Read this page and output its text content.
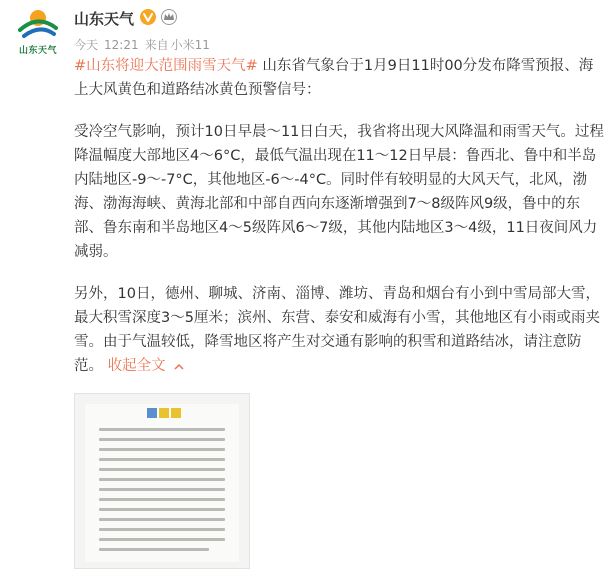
山东天气
山东天气
今天 12:21 来自 小米11

#山东将迎大范围雨雪天气# 山东省气象台于1月9日11时00分发布降雪预报、海上大风黄色和道路结冰黄色预警信号：

受冷空气影响，预计10日早晨～11日白天，我省将出现大风降温和雨雪天气。过程降温幅度大部地区4～6°C，最低气温出现在11～12日早晨：鲁西北、鲁中和半岛内陆地区-9～-7°C，其他地区-6～-4°C。同时伴有较明显的大风天气，北风，渤海、渤海海峡、黄海北部和中部自西向东逐渐增强到7～8级阵风9级，鲁中的东部、鲁东南和半岛地区4～5级阵风6～7级，其他内陆地区3～4级，11日夜间风力减弱。

另外，10日，德州、聊城、济南、淄博、潍坊、青岛和烟台有小到中雪局部大雪，最大积雪深度3～5厘米；滨州、东营、泰安和威海有小雪，其他地区有小雨或雨夹雪。由于气温较低，降雪地区将产生对交通有影响的积雪和道路结冰，请注意防范。 收起全文
